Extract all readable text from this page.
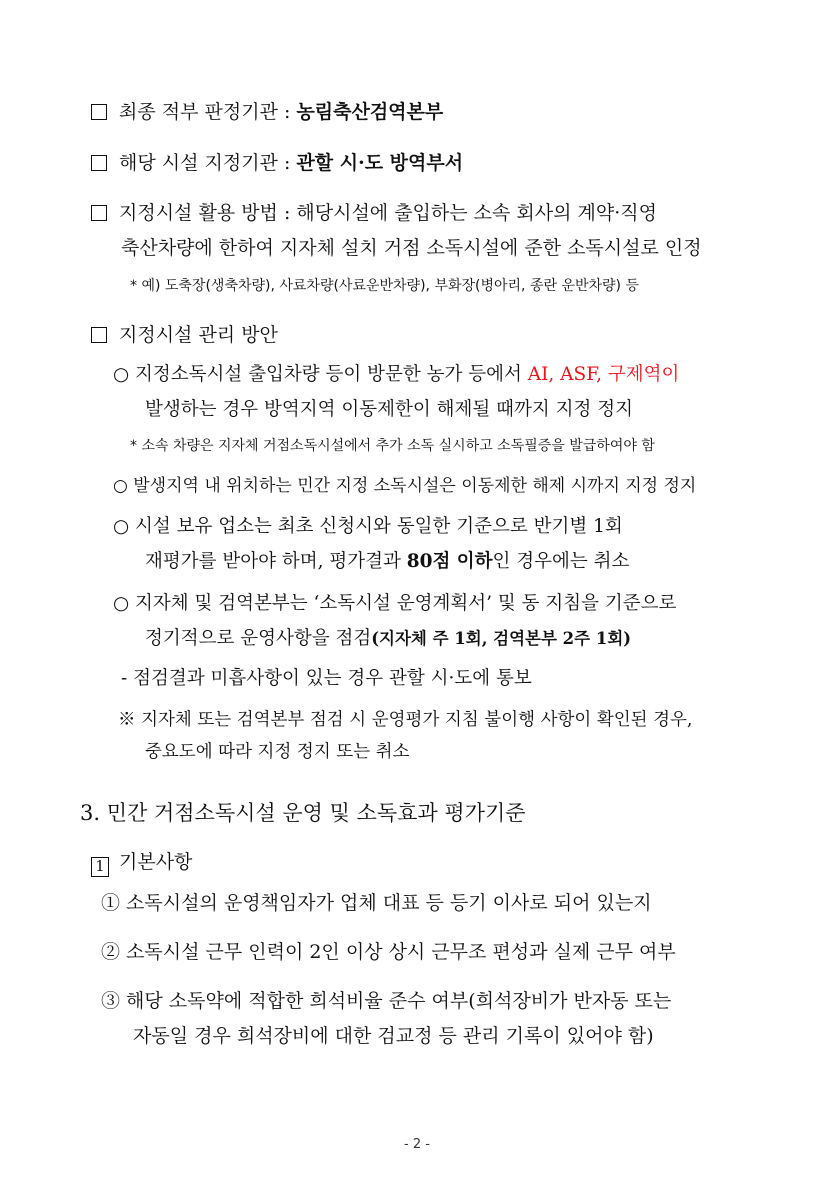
최종 적부 판정기관 : 농림축산검역본부
해당 시설 지정기관 : 관할 시·도 방역부서
지정시설 활용 방법 : 해당시설에 출입하는 소속 회사의 계약·직영
축산차량에 한하여 지자체 설치 거점 소독시설에 준한 소독시설로 인정
* 예) 도축장(생축차량), 사료차량(사료운반차량), 부화장(병아리, 종란 운반차량) 등
지정시설 관리 방안
○ 지정소독시설 출입차량 등이 방문한 농가 등에서 AI, ASF, 구제역이
발생하는 경우 방역지역 이동제한이 해제될 때까지 지정 정지
* 소속 차량은 지자체 거점소독시설에서 추가 소독 실시하고 소독필증을 발급하여야 함
○ 발생지역 내 위치하는 민간 지정 소독시설은 이동제한 해제 시까지 지정 정지
○ 시설 보유 업소는 최초 신청시와 동일한 기준으로 반기별 1회
재평가를 받아야 하며, 평가결과 80점 이하인 경우에는 취소
○ 지자체 및 검역본부는 ‘소독시설 운영계획서’ 및 동 지침을 기준으로
정기적으로 운영사항을 점검(지자체 주 1회, 검역본부 2주 1회)
- 점검결과 미흡사항이 있는 경우 관할 시·도에 통보
※ 지자체 또는 검역본부 점검 시 운영평가 지침 불이행 사항이 확인된 경우,
중요도에 따라 지정 정지 또는 취소
3. 민간 거점소독시설 운영 및 소독효과 평가기준
1 기본사항
① 소독시설의 운영책임자가 업체 대표 등 등기 이사로 되어 있는지
② 소독시설 근무 인력이 2인 이상 상시 근무조 편성과 실제 근무 여부
③ 해당 소독약에 적합한 희석비율 준수 여부(희석장비가 반자동 또는
자동일 경우 희석장비에 대한 검교정 등 관리 기록이 있어야 함)
- 2 -
